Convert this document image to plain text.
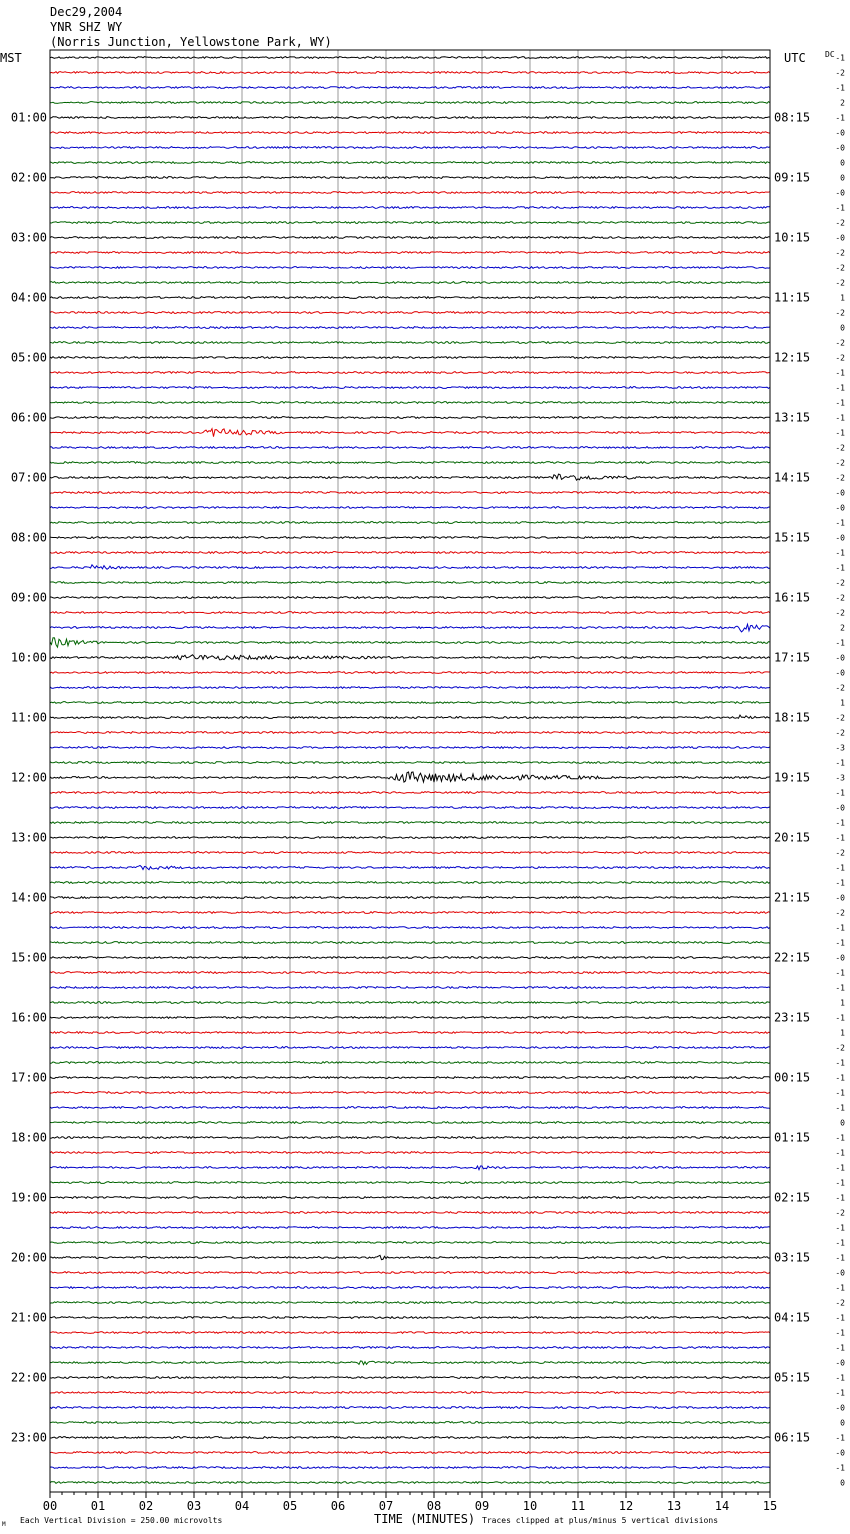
00	01	02	03	04	05	06	07	08	09	10	11	12	13	14	15
01:00
02:00
03:00
04:00
05:00
06:00
07:00
08:00
09:00
10:00
11:00
12:00
13:00
14:00
15:00
16:00
17:00
18:00
19:00
20:00
21:00
22:00
23:00
08:15
09:15
10:15
11:15
12:15
13:15
14:15
15:15
16:15
17:15
18:15
19:15
20:15
21:15
22:15
23:15
00:15
01:15
02:15
03:15
04:15
05:15
06:15
-1
-2
-1
2
-1
-0
-0
0
0
-0
-1
-2
-0
-2
-2
-2
1
-2
0
-2
-2
-1
-1
-1
-1
-1
-2
-2
-2
-0
-0
-1
-0
-1
-1
-2
-2
-2
2
-1
-0
-0
-2
1
-2
-2
-3
-1
-3
-1
-0
-1
-1
-2
-1
-1
-0
-2
-1
-1
-0
-1
-1
1
-1
1
-2
-1
-1
-1
-1
0
-1
-1
-1
-1
-1
-2
-1
-1
-1
-0
-1
-2
-1
-1
-1
-0
-1
-1
-0
0
-1
-0
-1
0
Dec29,2004
YNR SHZ WY
(Norris Junction, Yellowstone Park, WY)
MST	UTC DC
TIME (MINUTES)
Each Vertical Division = 250.00 microvolts	Traces clipped at plus/minus 5 vertical divisions
M
